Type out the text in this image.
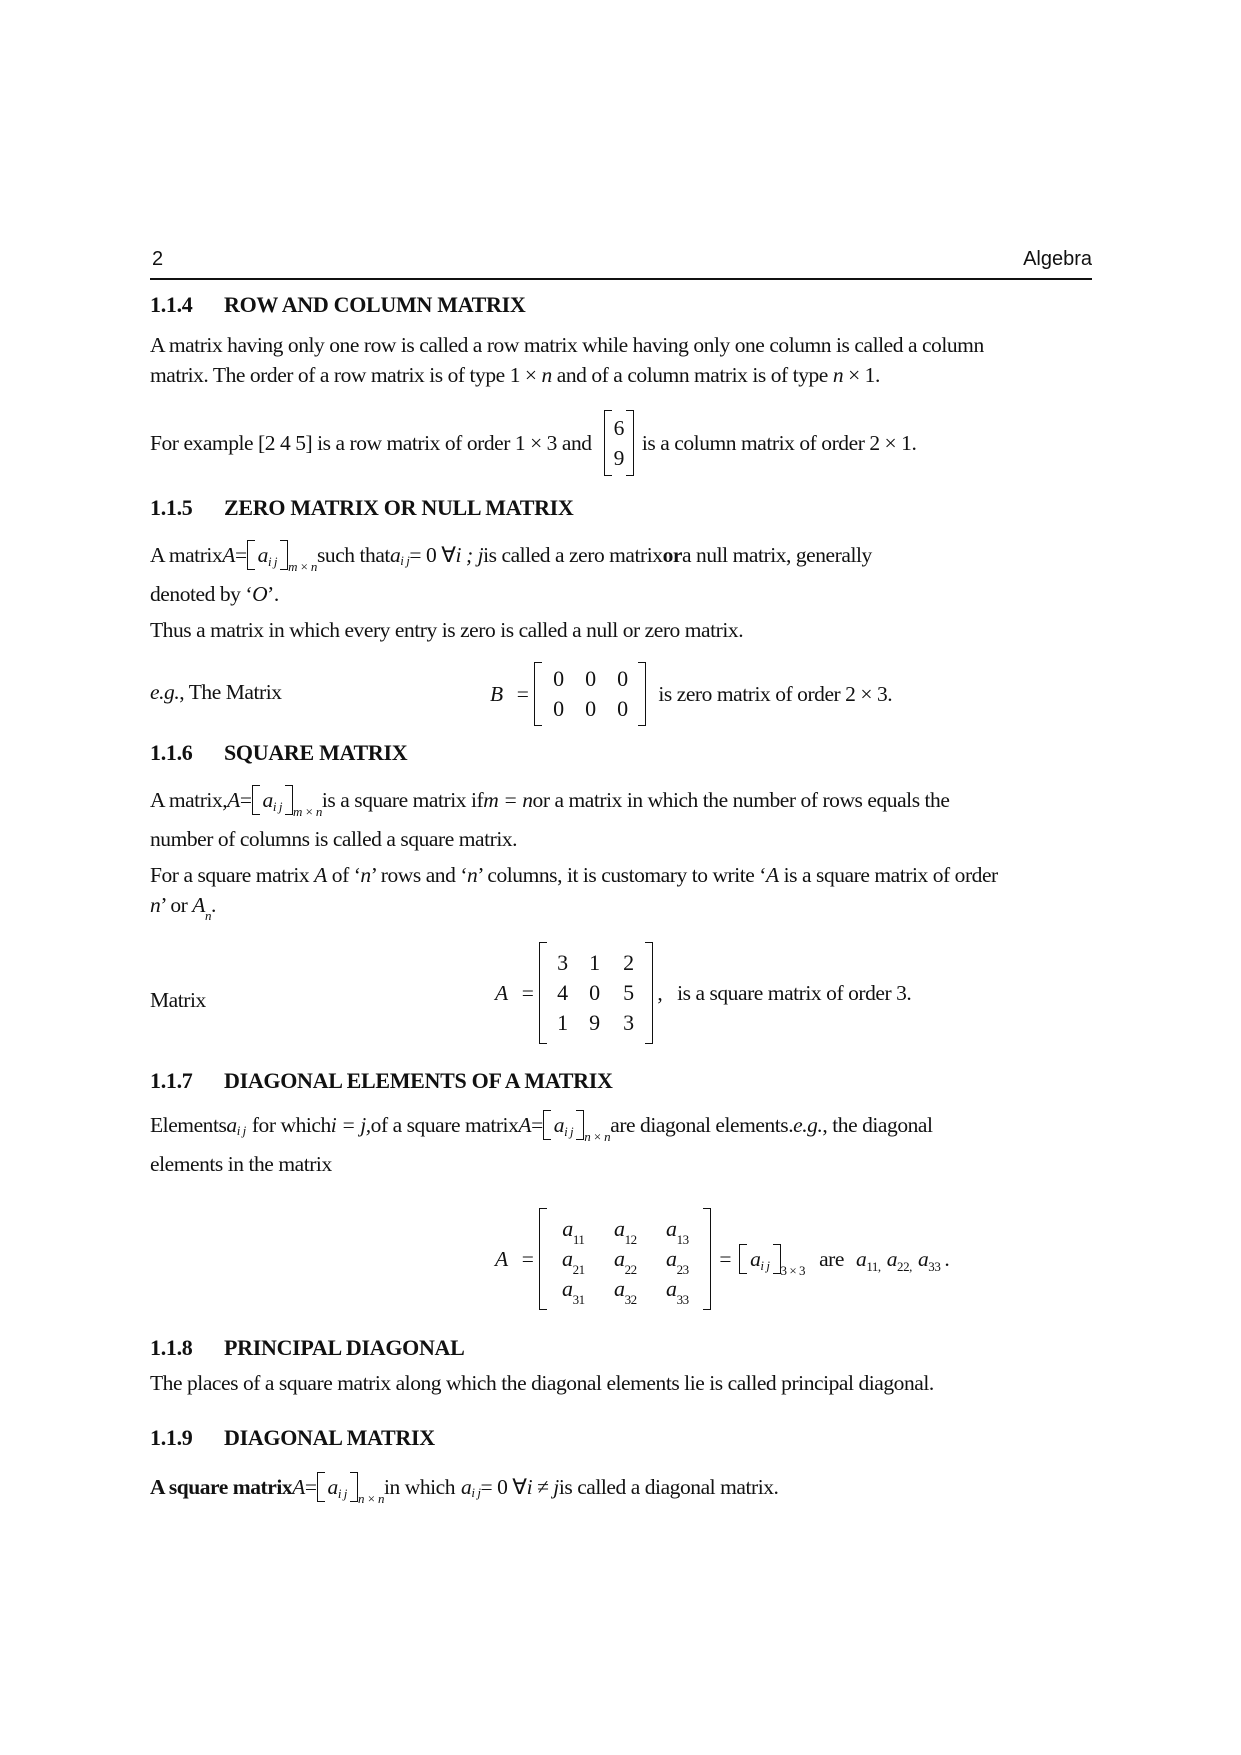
2	Algebra
1.1.4 ROW AND COLUMN MATRIX
A matrix having only one row is called a row matrix while having only one column is called a column
matrix. The order of a row matrix is of type 1 × n and of a column matrix is of type n × 1.
For example [2 4 5] is a row matrix of order 1 × 3 and
6
9
is a column matrix of order 2 × 1.
1.1.5 ZERO MATRIX OR NULL MATRIX
A matrix A = ai j m × n such that a i j = 0 ∀ i ; j is called a zero matrix or a null matrix, generally
denoted by ‘O’.
Thus a matrix in which every entry is zero is called a null or zero matrix.
e.g., The Matrix	B =
0 0 0
0 0 0
is zero matrix of order 2 × 3.
1.1.6 SQUARE MATRIX
A matrix, A = ai j m × n is a square matrix if m = n or a matrix in which the number of rows equals the
number of columns is called a square matrix.
For a square matrix A of ‘n’ rows and ‘n’ columns, it is customary to write ‘A is a square matrix of order
n’ or $A_n$.
Matrix	A =
3 1	2
4 0	5
1 9	3
,   is a square matrix of order 3.
1.1.7 DIAGONAL ELEMENTS OF A MATRIX
Elements a i j for which i = j, of a square matrix A = ai j n × n are diagonal elements. e.g. , the diagonal
elements in the matrix
A =
$a_{11}$	$a_{12}$	$a_{13}$
$a_{21}$	$a_{22}$	$a_{23}$
$a_{31}$	$a_{32}$	$a_{33}$
= ai j 3 × 3 are a 11, a 22, a 33 .
1.1.8 PRINCIPAL DIAGONAL
The places of a square matrix along which the diagonal elements lie is called principal diagonal.
1.1.9 DIAGONAL MATRIX
A square matrix A = ai j n × n in which a i j = 0 ∀ i ≠ j is called a diagonal matrix.
